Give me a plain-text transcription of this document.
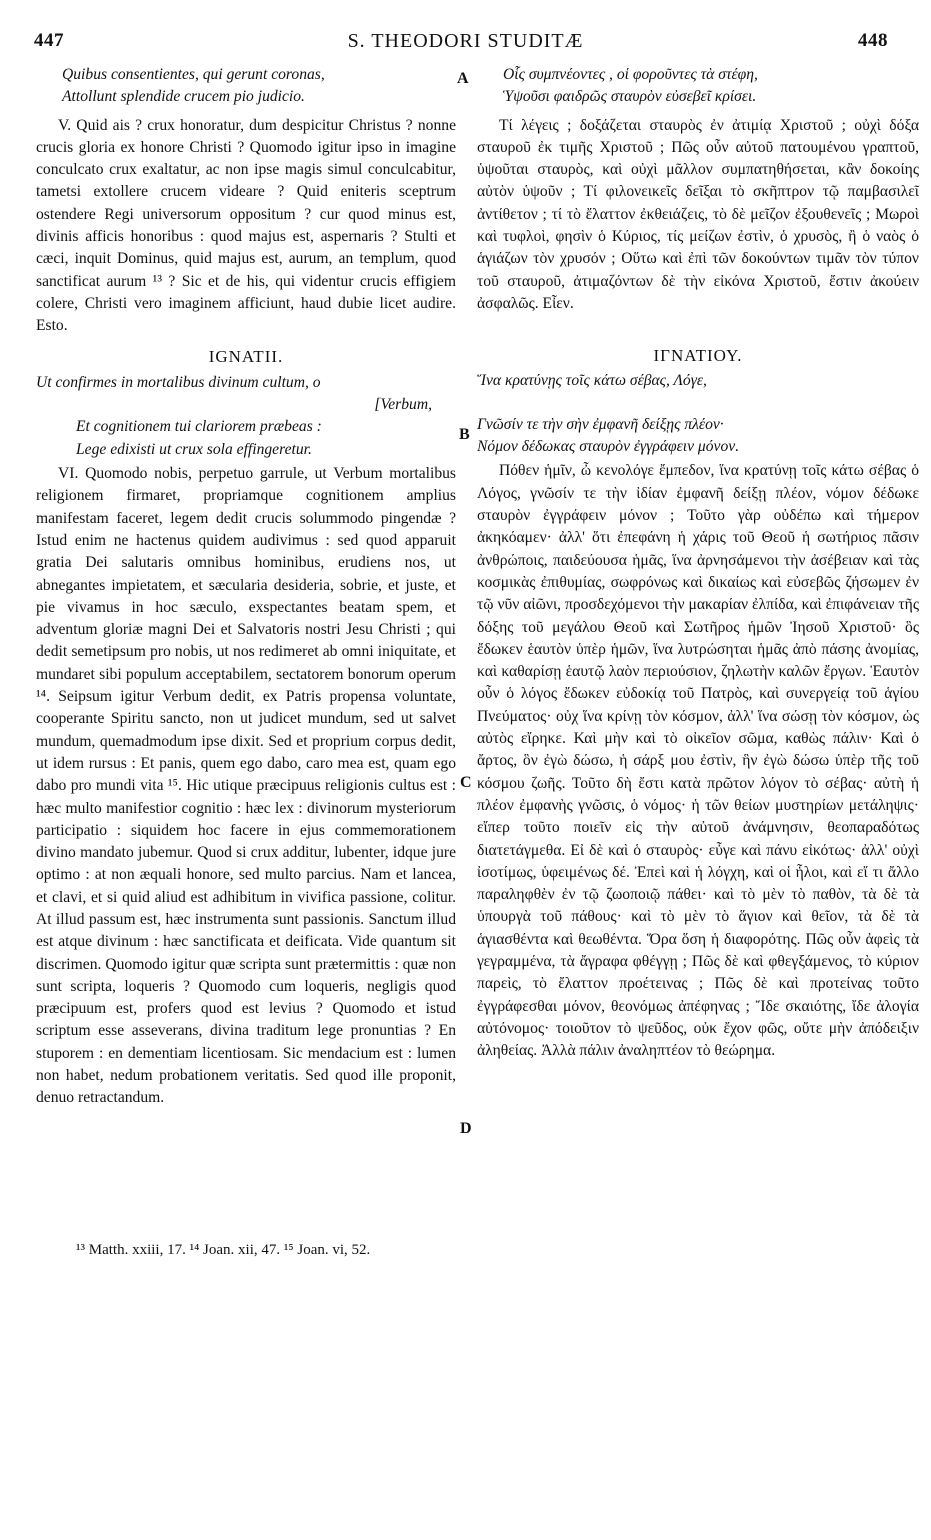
447	S. THEODORI STUDITÆ	448

Quibus consentientes, qui gerunt coronas,

Attollunt splendide crucem pio judicio.

V. Quid ais ? crux honoratur, dum despicitur Christus ? nonne crucis gloria ex honore Christi ? Quomodo igitur ipso in imagine conculcato crux exaltatur, ac non ipse magis simul conculcabitur, tametsi extollere crucem videare ? Quid eniteris sceptrum ostendere Regi universorum oppositum ? cur quod minus est, divinis afficis honoribus : quod majus est, aspernaris ? Stulti et cæci, inquit Dominus, quid majus est, aurum, an templum, quod sanctificat aurum ¹³ ? Sic et de his, qui videntur crucis effigiem colere, Christi vero imaginem afficiunt, haud dubie licet audire. Esto.

IGNATII.

Ut confirmes in mortalibus divinum cultum, o

[Verbum,

Et cognitionem tui clariorem præbeas :

Lege edixisti ut crux sola effingeretur.

VI. Quomodo nobis, perpetuo garrule, ut Verbum mortalibus religionem firmaret, propriamque cognitionem amplius manifestam faceret, legem dedit crucis solummodo pingendæ ? Istud enim ne hactenus quidem audivimus : sed quod apparuit gratia Dei salutaris omnibus hominibus, erudiens nos, ut abnegantes impietatem, et sæcularia desideria, sobrie, et juste, et pie vivamus in hoc sæculo, exspectantes beatam spem, et adventum gloriæ magni Dei et Salvatoris nostri Jesu Christi ; qui dedit semetipsum pro nobis, ut nos redimeret ab omni iniquitate, et mundaret sibi populum acceptabilem, sectatorem bonorum operum ¹⁴. Seipsum igitur Verbum dedit, ex Patris propensa voluntate, cooperante Spiritu sancto, non ut judicet mundum, sed ut salvet mundum, quemadmodum ipse dixit. Sed et proprium corpus dedit, ut idem rursus : Et panis, quem ego dabo, caro mea est, quam ego dabo pro mundi vita ¹⁵. Hic utique præcipuus religionis cultus est : hæc multo manifestior cognitio : hæc lex : divinorum mysteriorum participatio : siquidem hoc facere in ejus commemorationem divino mandato jubemur. Quod si crux additur, lubenter, idque jure optimo : at non æquali honore, sed multo parcius. Nam et lancea, et clavi, et si quid aliud est adhibitum in vivifica passione, colitur. At illud passum est, hæc instrumenta sunt passionis. Sanctum illud est atque divinum : hæc sanctificata et deificata. Vide quantum sit discrimen. Quomodo igitur quæ scripta sunt prætermittis : quæ non sunt scripta, loqueris ? Quomodo cum loqueris, negligis quod præcipuum est, profers quod est levius ? Quomodo et istud scriptum esse asseverans, divina traditum lege pronuntias ? En stuporem : en dementiam licentiosam. Sic mendacium est : lumen non habet, nedum probationem veritatis. Sed quod ille proponit, denuo retractandum.

Οἷς συμπνέοντες , οἱ φοροῦντες τὰ στέφη,

Ὑψοῦσι φαιδρῶς σταυρὸν εὐσεβεῖ κρίσει.

Τί λέγεις ; δοξάζεται σταυρὸς ἐν ἀτιμίᾳ Χριστοῦ ; οὐχὶ δόξα σταυροῦ ἐκ τιμῆς Χριστοῦ ; Πῶς οὖν αὐτοῦ πατουμένου γραπτοῦ, ὑψοῦται σταυρὸς, καὶ οὐχὶ μᾶλλον συμπατηθήσεται, κἂν δοκοίης αὐτὸν ὑψοῦν ; Τί φιλονεικεῖς δεῖξαι τὸ σκῆπτρον τῷ παμβασιλεῖ ἀντίθετον ; τί τὸ ἔλαττον ἐκθειάζεις, τὸ δὲ μεῖζον ἐξουθενεῖς ; Μωροὶ καὶ τυφλοὶ, φησὶν ὁ Κύριος, τίς μείζων ἐστὶν, ὁ χρυσὸς, ἢ ὁ ναὸς ὁ ἁγιάζων τὸν χρυσόν ; Οὕτω καὶ ἐπὶ τῶν δοκούντων τιμᾶν τὸν τύπον τοῦ σταυροῦ, ἀτιμαζόντων δὲ τὴν εἰκόνα Χριστοῦ, ἔστιν ἀκούειν ἀσφαλῶς. Εἶεν.

ΙΓΝΑΤΙΟΥ.

Ἵνα κρατύνῃς τοῖς κάτω σέβας, Λόγε,

Γνῶσίν τε τὴν σὴν ἐμφανῆ δείξῃς πλέον·

Νόμον δέδωκας σταυρὸν ἐγγράφειν μόνον.

Πόθεν ἡμῖν, ὦ κενολόγε ἔμπεδον, ἵνα κρατύνῃ τοῖς κάτω σέβας ὁ Λόγος, γνῶσίν τε τὴν ἰδίαν ἐμφανῆ δείξῃ πλέον, νόμον δέδωκε σταυρὸν ἐγγράφειν μόνον ; Τοῦτο γὰρ οὐδέπω καὶ τήμερον ἀκηκόαμεν· ἀλλ' ὅτι ἐπεφάνη ἡ χάρις τοῦ Θεοῦ ἡ σωτήριος πᾶσιν ἀνθρώποις, παιδεύουσα ἡμᾶς, ἵνα ἀρνησάμενοι τὴν ἀσέβειαν καὶ τὰς κοσμικὰς ἐπιθυμίας, σωφρόνως καὶ δικαίως καὶ εὐσεβῶς ζήσωμεν ἐν τῷ νῦν αἰῶνι, προσδεχόμενοι τὴν μακαρίαν ἐλπίδα, καὶ ἐπιφάνειαν τῆς δόξης τοῦ μεγάλου Θεοῦ καὶ Σωτῆρος ἡμῶν Ἰησοῦ Χριστοῦ· ὃς ἔδωκεν ἑαυτὸν ὑπὲρ ἡμῶν, ἵνα λυτρώσηται ἡμᾶς ἀπὸ πάσης ἀνομίας, καὶ καθαρίσῃ ἑαυτῷ λαὸν περιούσιον, ζηλωτὴν καλῶν ἔργων. Ἑαυτὸν οὖν ὁ λόγος ἔδωκεν εὐδοκίᾳ τοῦ Πατρὸς, καὶ συνεργείᾳ τοῦ ἁγίου Πνεύματος· οὐχ ἵνα κρίνῃ τὸν κόσμον, ἀλλ' ἵνα σώσῃ τὸν κόσμον, ὡς αὐτὸς εἴρηκε. Καὶ μὴν καὶ τὸ οἰκεῖον σῶμα, καθὼς πάλιν· Καὶ ὁ ἄρτος, ὃν ἐγὼ δώσω, ἡ σάρξ μου ἐστὶν, ἣν ἐγὼ δώσω ὑπὲρ τῆς τοῦ κόσμου ζωῆς. Τοῦτο δὴ ἔστι κατὰ πρῶτον λόγον τὸ σέβας· αὐτὴ ἡ πλέον ἐμφανὴς γνῶσις, ὁ νόμος· ἡ τῶν θείων μυστηρίων μετάληψις· εἴπερ τοῦτο ποιεῖν εἰς τὴν αὐτοῦ ἀνάμνησιν, θεοπαραδότως διατετάγμεθα. Εἰ δὲ καὶ ὁ σταυρὸς· εὖγε καὶ πάνυ εἰκότως· ἀλλ' οὐχὶ ἰσοτίμως, ὑφειμένως δέ. Ἐπεὶ καὶ ἡ λόγχη, καὶ οἱ ἧλοι, καὶ εἴ τι ἄλλο παραληφθὲν ἐν τῷ ζωοποιῷ πάθει· καὶ τὸ μὲν τὸ παθὸν, τὰ δὲ τὰ ὑπουργὰ τοῦ πάθους· καὶ τὸ μὲν τὸ ἅγιον καὶ θεῖον, τὰ δὲ τὰ ἁγιασθέντα καὶ θεωθέντα. Ὅρα ὅση ἡ διαφορότης. Πῶς οὖν ἀφεὶς τὰ γεγραμμένα, τὰ ἄγραφα φθέγγῃ ; Πῶς δὲ καὶ φθεγξάμενος, τὸ κύριον παρεὶς, τὸ ἔλαττον προέτεινας ; Πῶς δὲ καὶ προτείνας τοῦτο ἐγγράφεσθαι μόνον, θεονόμως ἀπέφηνας ; Ἴδε σκαιότης, ἴδε ἀλογία αὐτόνομος· τοιοῦτον τὸ ψεῦδος, οὐκ ἔχον φῶς, οὔτε μὴν ἀπόδειξιν ἀληθείας. Ἀλλὰ πάλιν ἀναληπτέον τὸ θεώρημα.

A
B
C
D
¹³ Matth. xxiii, 17. ¹⁴ Joan. xii, 47. ¹⁵ Joan. vi, 52.
